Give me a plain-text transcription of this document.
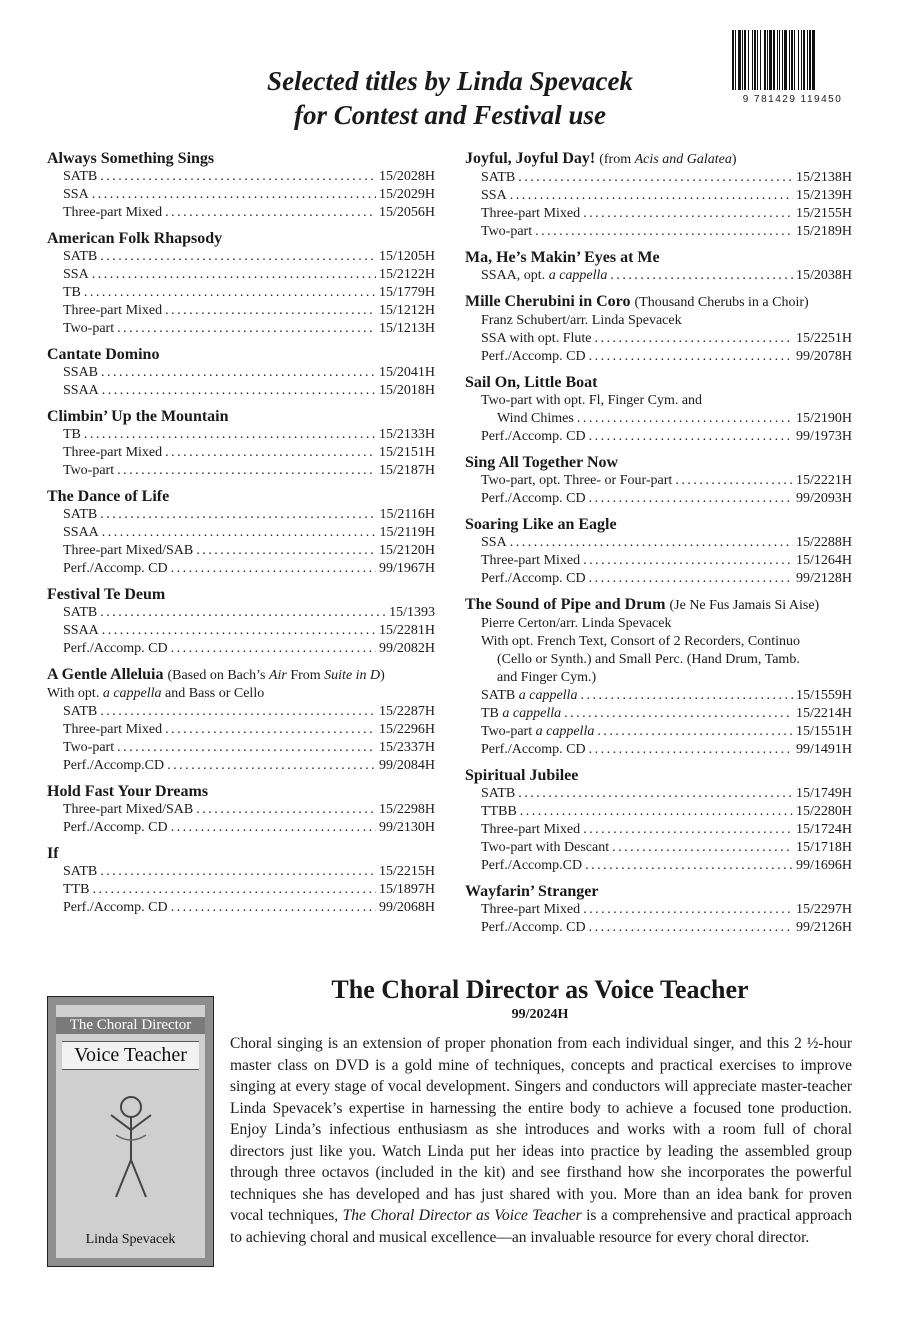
9 781429 119450
Selected titles by Linda Spevacek
for Contest and Festival use
Always Something Sings
SATB . . .	15/2028H
SSA . . .	15/2029H
Three-part Mixed . . .	15/2056H
American Folk Rhapsody
SATB . . .	15/1205H
SSA . . .	15/2122H
TB . . .	15/1779H
Three-part Mixed . . .	15/1212H
Two-part . . .	15/1213H
Cantate Domino
SSAB . . .	15/2041H
SSAA . . .	15/2018H
Climbin’ Up the Mountain
TB . . .	15/2133H
Three-part Mixed . . .	15/2151H
Two-part . . .	15/2187H
The Dance of Life
SATB . . .	15/2116H
SSAA . . .	15/2119H
Three-part Mixed/SAB . . .	15/2120H
Perf./Accomp. CD . . .	99/1967H
Festival Te Deum
SATB . . .	15/1393
SSAA . . .	15/2281H
Perf./Accomp. CD . . .	99/2082H
A Gentle Alleluia (Based on Bach’s Air From Suite in D)
With opt. a cappella and Bass or Cello
SATB . . .	15/2287H
Three-part Mixed . . .	15/2296H
Two-part . . .	15/2337H
Perf./Accomp.CD . . .	99/2084H
Hold Fast Your Dreams
Three-part Mixed/SAB . . .	15/2298H
Perf./Accomp. CD . . .	99/2130H
If
SATB . . .	15/2215H
TTB . . .	15/1897H
Perf./Accomp. CD . . .	99/2068H
Joyful, Joyful Day! (from Acis and Galatea)
SATB . . .	15/2138H
SSA . . .	15/2139H
Three-part Mixed . . .	15/2155H
Two-part . . .	15/2189H
Ma, He’s Makin’ Eyes at Me
SSAA, opt. a cappella . . .	15/2038H
Mille Cherubini in Coro (Thousand Cherubs in a Choir)
Franz Schubert/arr. Linda Spevacek
SSA with opt. Flute . . .	15/2251H
Perf./Accomp. CD . . .	99/2078H
Sail On, Little Boat
Two-part with opt. Fl, Finger Cym. and
Wind Chimes . . .	15/2190H
Perf./Accomp. CD . . .	99/1973H
Sing All Together Now
Two-part, opt. Three- or Four-part . . .	15/2221H
Perf./Accomp. CD . . .	99/2093H
Soaring Like an Eagle
SSA . . .	15/2288H
Three-part Mixed . . .	15/1264H
Perf./Accomp. CD . . .	99/2128H
The Sound of Pipe and Drum (Je Ne Fus Jamais Si Aise)
Pierre Certon/arr. Linda Spevacek
With opt. French Text, Consort of 2 Recorders, Continuo
(Cello or Synth.) and Small Perc. (Hand Drum, Tamb.
and Finger Cym.)
SATB a cappella . . .	15/1559H
TB a cappella . . .	15/2214H
Two-part a cappella . . .	15/1551H
Perf./Accomp. CD . . .	99/1491H
Spiritual Jubilee
SATB . . .	15/1749H
TTBB . . .	15/2280H
Three-part Mixed . . .	15/1724H
Two-part with Descant . . .	15/1718H
Perf./Accomp.CD . . .	99/1696H
Wayfarin’ Stranger
Three-part Mixed . . .	15/2297H
Perf./Accomp. CD . . .	99/2126H
The Choral Director as Voice Teacher
99/2024H
The Choral Director
Voice Teacher
Linda Spevacek
Choral singing is an extension of proper phonation from each individual singer, and this 2 ½-hour master class on DVD is a gold mine of techniques, concepts and practical exercises to improve singing at every stage of vocal development. Singers and conductors will appreciate master-teacher Linda Spevacek’s expertise in harnessing the entire body to achieve a focused tone production. Enjoy Linda’s infectious enthusiasm as she introduces and works with a room full of choral directors just like you. Watch Linda put her ideas into practice by leading the assembled group through three octavos (included in the kit) and see firsthand how she incorporates the powerful techniques she has developed and has just shared with you. More than an idea bank for proven vocal techniques, The Choral Director as Voice Teacher is a comprehensive and practical approach to achieving choral and musical excellence—an invaluable resource for every choral director.
